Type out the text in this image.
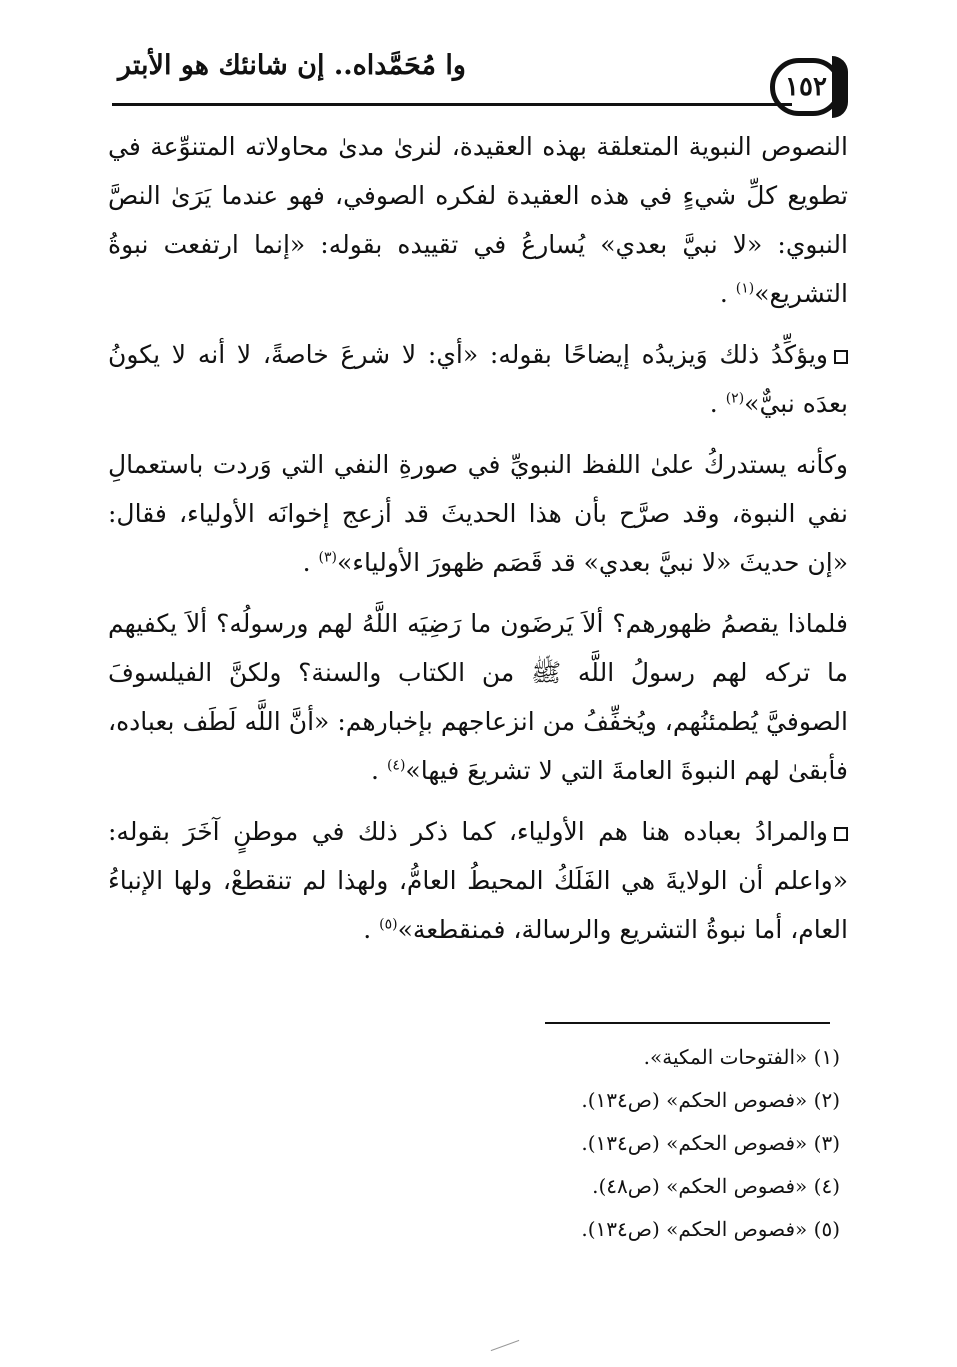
١٥٢
وا مُحَمَّداه.. إن شانئك هو الأبتر

النصوص النبوية المتعلقة بهذه العقيدة، لنرىٰ مدىٰ محاولاته المتنوِّعة في تطويع كلِّ شيءٍ في هذه العقيدة لفكره الصوفي، فهو عندما يَرَىٰ النصَّ النبوي: «لا نبيَّ بعدي» يُسارعُ في تقييده بقوله: «إنما ارتفعت نبوةُ التشريع»$^{(١)}$ .

ويؤكِّدُ ذلك وَيزيدُه إيضاحًا بقوله: «أي: لا شرعَ خاصةً، لا أنه لا يكونُ بعدَه نبيٌّ»$^{(٢)}$ .

وكأنه يستدركُ علىٰ اللفظ النبويِّ في صورةِ النفي التي وَردت باستعمالِ نفي النبوة، وقد صرَّح بأن هذا الحديثَ قد أزعج إخوانَه الأولياء، فقال: «إن حديثَ «لا نبيَّ بعدي» قد قَصَم ظهورَ الأولياء»$^{(٣)}$ .

فلماذا يقصمُ ظهورهم؟ ألاَ يَرضَون ما رَضِيَه اللَّهُ لهم ورسولُه؟ ألاَ يكفيهم ما تركه لهم رسولُ اللَّه ﷺ من الكتاب والسنة؟ ولكنَّ الفيلسوفَ الصوفيَّ يُطمئنُهم، ويُخفِّفُ من انزعاجهم بإخبارهم: «أنَّ اللَّه لَطَف بعباده، فأبقىٰ لهم النبوةَ العامةَ التي لا تشريعَ فيها»$^{(٤)}$ .

والمرادُ بعباده هنا هم الأولياء، كما ذكر ذلك في موطنٍ آخَرَ بقوله: «واعلم أن الولايةَ هي الفَلَكُ المحيطُ العامُّ، ولهذا لم تنقطعْ، ولها الإنباءُ العام، أما نبوةُ التشريع والرسالة، فمنقطعة»$^{(٥)}$ .

(١) «الفتوحات المكية».

(٢) «فصوص الحكم» (ص١٣٤).

(٣) «فصوص الحكم» (ص١٣٤).

(٤) «فصوص الحكم» (ص٤٨).

(٥) «فصوص الحكم» (ص١٣٤).
